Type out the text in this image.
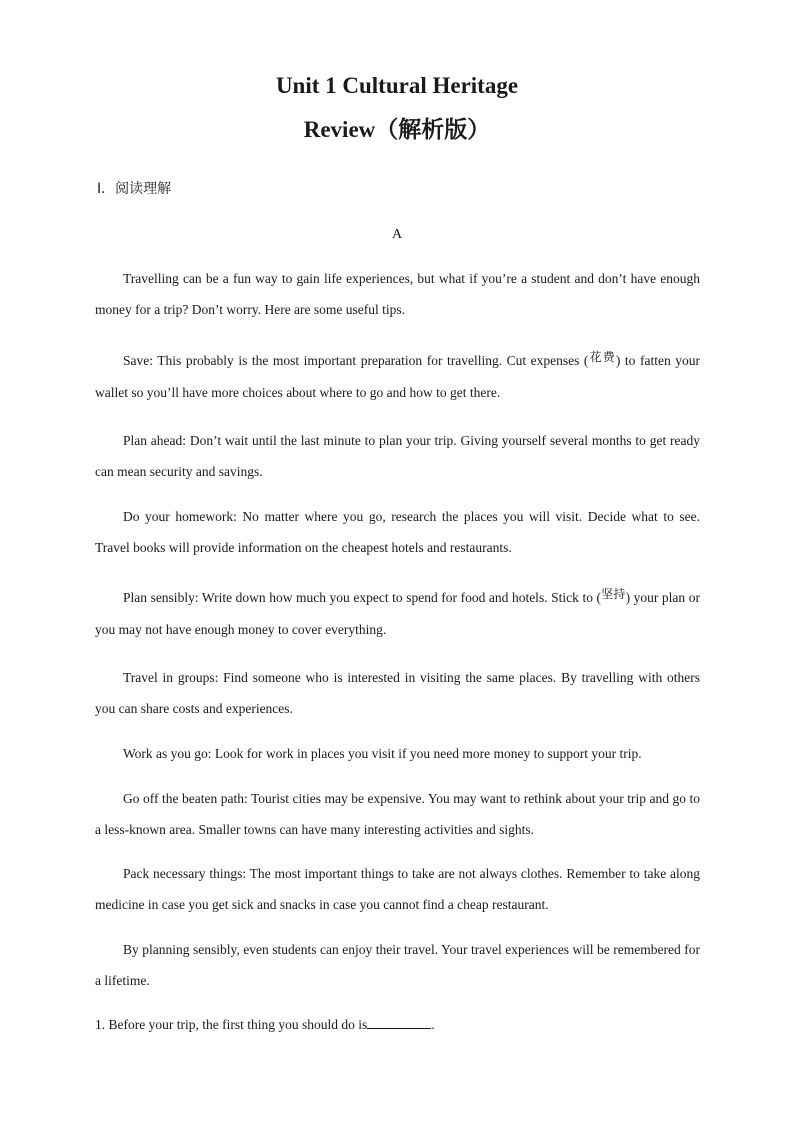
Unit 1 Cultural Heritage
Review（解析版）
Ⅰ．阅读理解
A

Travelling can be a fun way to gain life experiences, but what if you’re a student and don’t have enough money for a trip? Don’t worry. Here are some useful tips.

Save: This probably is the most important preparation for travelling. Cut expenses (花费) to fatten your wallet so you’ll have more choices about where to go and how to get there.

Plan ahead: Don’t wait until the last minute to plan your trip. Giving yourself several months to get ready can mean security and savings.

Do your homework: No matter where you go, research the places you will visit. Decide what to see. Travel books will provide information on the cheapest hotels and restaurants.

Plan sensibly: Write down how much you expect to spend for food and hotels. Stick to (坚持) your plan or you may not have enough money to cover everything.

Travel in groups: Find someone who is interested in visiting the same places. By travelling with others you can share costs and experiences.

Work as you go: Look for work in places you visit if you need more money to support your trip.

Go off the beaten path: Tourist cities may be expensive. You may want to rethink about your trip and go to a less-known area. Smaller towns can have many interesting activities and sights.

Pack necessary things: The most important things to take are not always clothes. Remember to take along medicine in case you get sick and snacks in case you cannot find a cheap restaurant.

By planning sensibly, even students can enjoy their travel. Your travel experiences will be remembered for a lifetime.

1. Before your trip, the first thing you should do is	.
